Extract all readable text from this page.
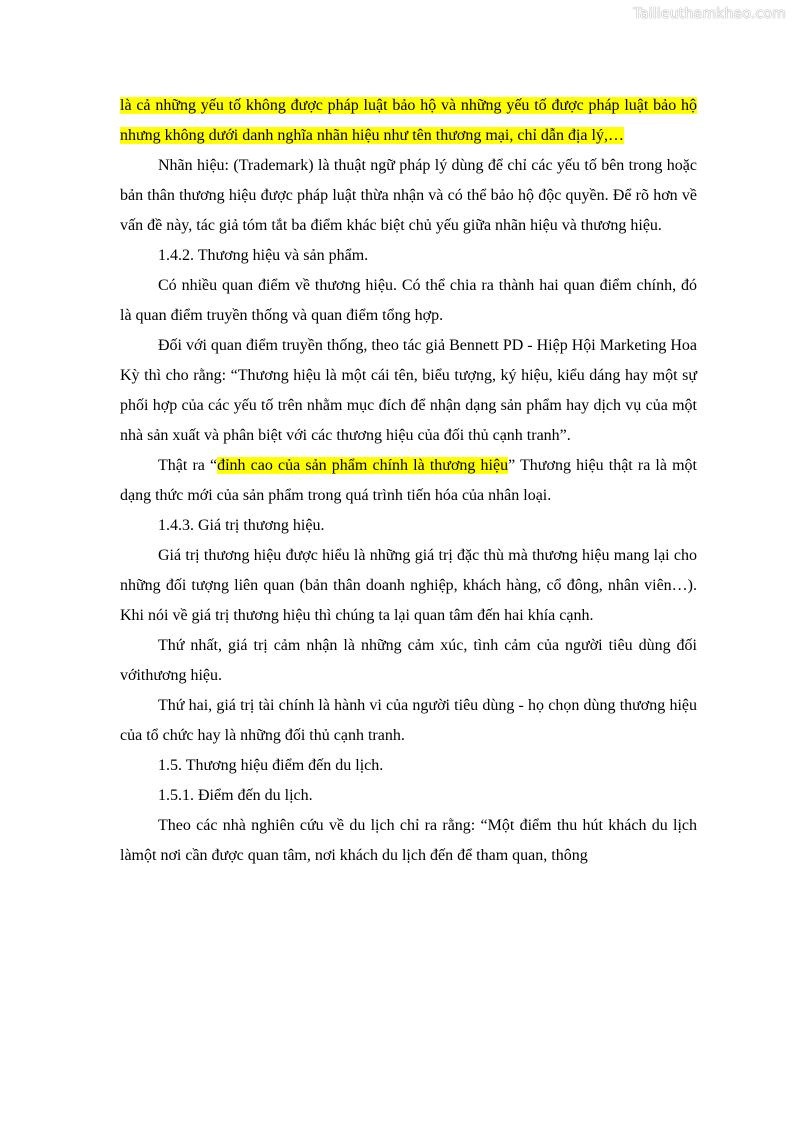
Tailieuthamkhao.com

là cả những yếu tố không được pháp luật bảo hộ và những yếu tố được pháp luật bảo hộ nhưng không dưới danh nghĩa nhãn hiệu như tên thương mại, chỉ dẫn địa lý,…

Nhãn hiệu: (Trademark) là thuật ngữ pháp lý dùng để chỉ các yếu tố bên trong hoặc bản thân thương hiệu được pháp luật thừa nhận và có thể bảo hộ độc quyền. Để rõ hơn về vấn đề này, tác giả tóm tắt ba điểm khác biệt chủ yếu giữa nhãn hiệu và thương hiệu.

1.4.2. Thương hiệu và sản phẩm.

Có nhiều quan điểm về thương hiệu. Có thể chia ra thành hai quan điểm chính, đó là quan điểm truyền thống và quan điểm tổng hợp.

Đối với quan điểm truyền thống, theo tác giả Bennett PD - Hiệp Hội Marketing Hoa Kỳ thì cho rằng: “Thương hiệu là một cái tên, biểu tượng, ký hiệu, kiểu dáng hay một sự phối hợp của các yếu tố trên nhằm mục đích để nhận dạng sản phẩm hay dịch vụ của một nhà sản xuất và phân biệt với các thương hiệu của đối thủ cạnh tranh”.

Thật ra “đỉnh cao của sản phẩm chính là thương hiệu” Thương hiệu thật ra là một dạng thức mới của sản phẩm trong quá trình tiến hóa của nhân loại.

1.4.3. Giá trị thương hiệu.

Giá trị thương hiệu được hiểu là những giá trị đặc thù mà thương hiệu mang lại cho những đối tượng liên quan (bản thân doanh nghiệp, khách hàng, cổ đông, nhân viên…). Khi nói về giá trị thương hiệu thì chúng ta lại quan tâm đến hai khía cạnh.

Thứ nhất, giá trị cảm nhận là những cảm xúc, tình cảm của người tiêu dùng đối vớithương hiệu.

Thứ hai, giá trị tài chính là hành vi của người tiêu dùng - họ chọn dùng thương hiệu của tổ chức hay là những đối thủ cạnh tranh.

1.5. Thương hiệu điểm đến du lịch.

1.5.1. Điểm đến du lịch.

Theo các nhà nghiên cứu về du lịch chỉ ra rằng: “Một điểm thu hút khách du lịch làmột nơi cần được quan tâm, nơi khách du lịch đến để tham quan, thông
